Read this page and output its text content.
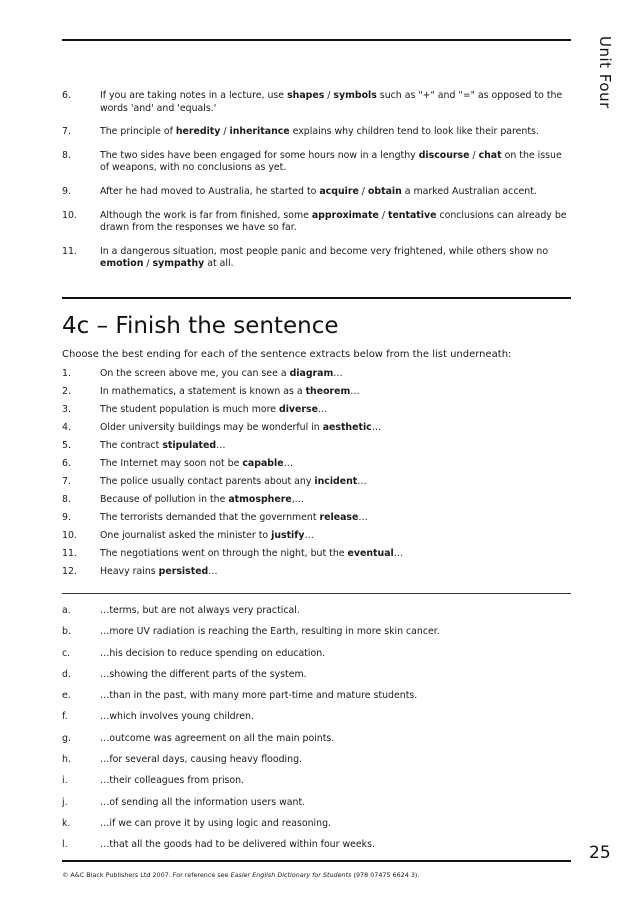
Unit Four
6.	If you are taking notes in a lecture, use shapes / symbols such as "+" and "=" as opposed to the words 'and' and 'equals.'
7.	The principle of heredity / inheritance explains why children tend to look like their parents.
8.	The two sides have been engaged for some hours now in a lengthy discourse / chat on the issue of weapons, with no conclusions as yet.
9.	After he had moved to Australia, he started to acquire / obtain a marked Australian accent.
10. Although the work is far from finished, some approximate / tentative conclusions can already be drawn from the responses we have so far.
11. In a dangerous situation, most people panic and become very frightened, while others show no emotion / sympathy at all.
4c – Finish the sentence
Choose the best ending for each of the sentence extracts below from the list underneath:
1.	On the screen above me, you can see a diagram…
2.	In mathematics, a statement is known as a theorem…
3.	The student population is much more diverse…
4.	Older university buildings may be wonderful in aesthetic…
5.	The contract stipulated…
6.	The Internet may soon not be capable…
7.	The police usually contact parents about any incident…
8.	Because of pollution in the atmosphere,…
9.	The terrorists demanded that the government release…
10. One journalist asked the minister to justify…
11. The negotiations went on through the night, but the eventual…
12. Heavy rains persisted…
a.	…terms, but are not always very practical.
b.	…more UV radiation is reaching the Earth, resulting in more skin cancer.
c.	…his decision to reduce spending on education.
d.	…showing the different parts of the system.
e.	…than in the past, with many more part-time and mature students.
f.	…which involves young children.
g.	…outcome was agreement on all the main points.
h.	…for several days, causing heavy flooding.
i.	…their colleagues from prison.
j.	…of sending all the information users want.
k.	…if we can prove it by using logic and reasoning.
l.	…that all the goods had to be delivered within four weeks.	25
© A&C Black Publishers Ltd 2007. For reference see Easier English Dictionary for Students (978 07475 6624 3).
